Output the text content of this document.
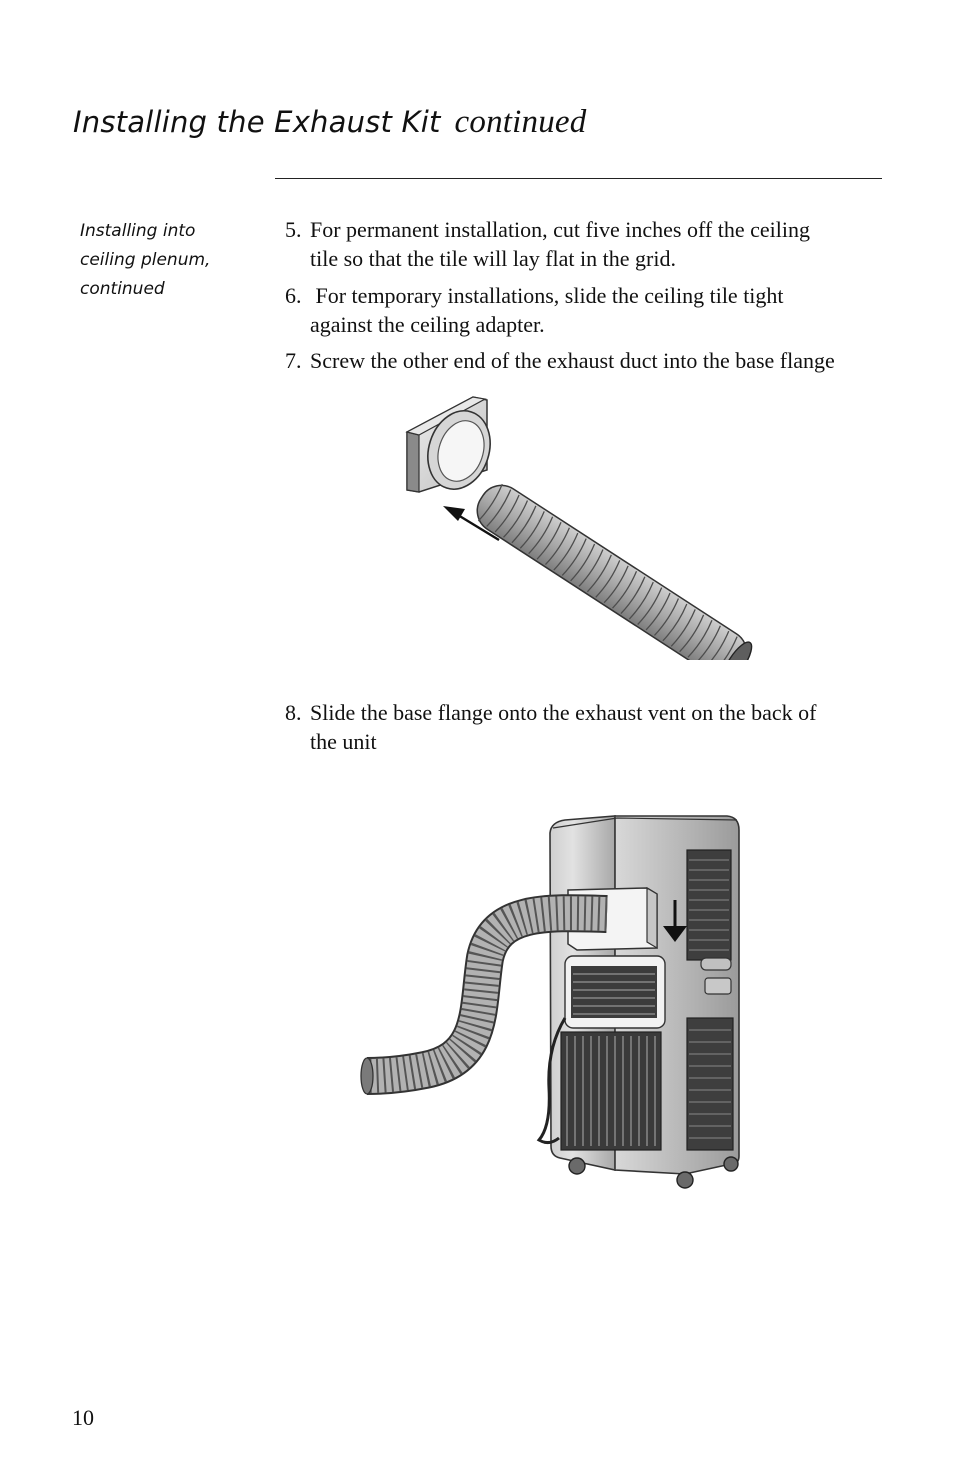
Installing the Exhaust Kit continued

Installing into ceiling plenum, continued

5. For permanent installation, cut five inches off the ceiling
tile so that the tile will lay flat in the grid.
6. For temporary installations, slide the ceiling tile tight
against the ceiling adapter.
7. Screw the other end of the exhaust duct into the base flange
8. Slide the base flange onto the exhaust vent on the back of
the unit
10
